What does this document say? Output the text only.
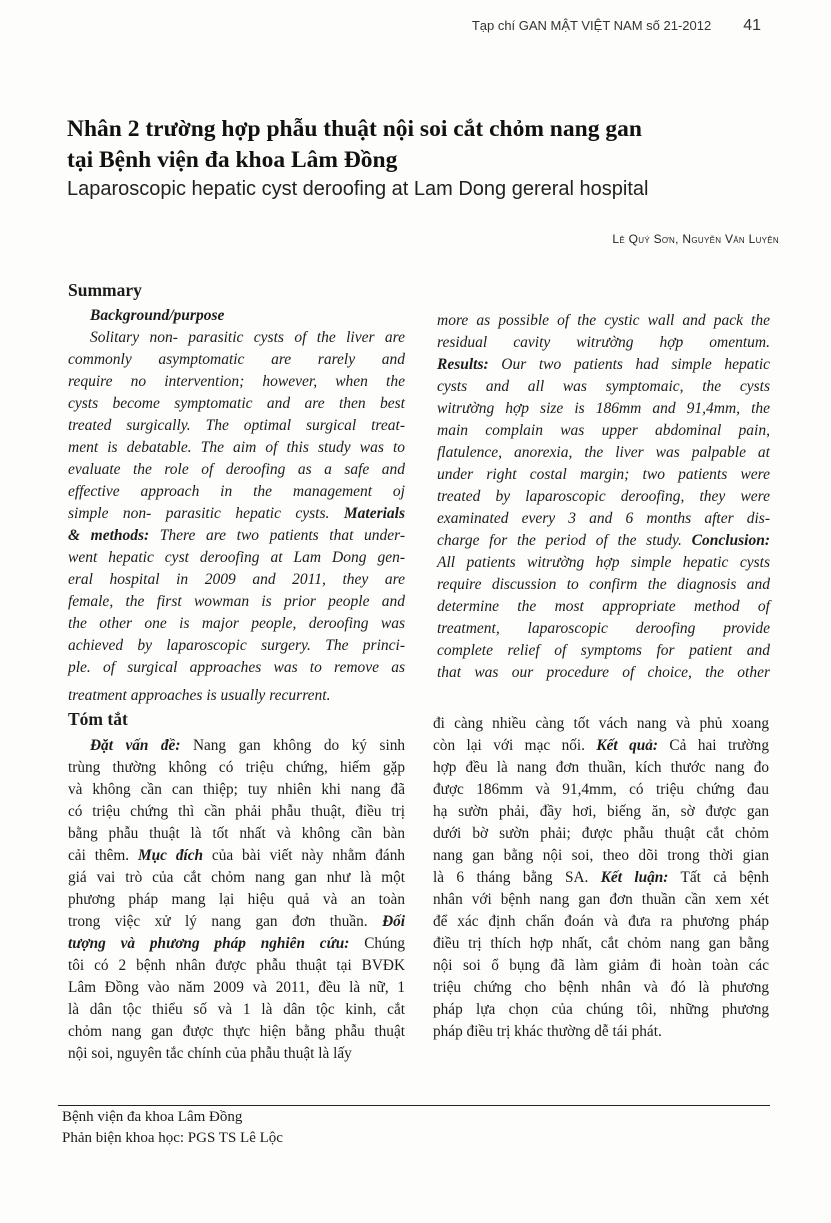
Tạp chí GAN MẬT VIỆT NAM số 21-2012 41
Nhân 2 trường hợp phẫu thuật nội soi cắt chỏm nang gan
tại Bệnh viện đa khoa Lâm Đồng
Laparoscopic hepatic cyst deroofing at Lam Dong gereral hospital
Lê Quý Sơn, Nguyễn Văn Luyện
Summary
Background/purpose
Solitary non- parasitic cysts of the liver are
commonly asymptomatic are rarely and
require no intervention; however, when the
cysts become symptomatic and are then best
treated surgically. The optimal surgical treat-
ment is debatable. The aim of this study was to
evaluate the role of deroofing as a safe and
effective approach in the management oj
simple non- parasitic hepatic cysts. Materials
& methods: There are two patients that under-
went hepatic cyst deroofing at Lam Dong gen-
eral hospital in 2009 and 2011, they are
female, the first wowman is prior people and
the other one is major people, deroofing was
achieved by laparoscopic surgery. The princi-
ple. of surgical approaches was to remove as
more as possible of the cystic wall and pack the
residual cavity witrường hợp omentum.
Results: Our two patients had simple hepatic
cysts and all was symptomaic, the cysts
witrường hợp size is 186mm and 91,4mm, the
main complain was upper abdominal pain,
flatulence, anorexia, the liver was palpable at
under right costal margin; two patients were
treated by laparoscopic deroofing, they were
examinated every 3 and 6 months after dis-
charge for the period of the study. Conclusion:
All patients witrường hợp simple hepatic cysts
require discussion to confirm the diagnosis and
determine the most appropriate method of
treatment, laparoscopic deroofing provide
complete relief of symptoms for patient and
that was our procedure of choice, the other
treatment approaches is usually recurrent.
Tóm tắt
Đặt vấn đề: Nang gan không do ký sinh
trùng thường không có triệu chứng, hiếm gặp
và không cần can thiệp; tuy nhiên khi nang đã
có triệu chứng thì cần phải phẫu thuật, điều trị
bằng phẫu thuật là tốt nhất và không cần bàn
cải thêm. Mục đích của bài viết này nhằm đánh
giá vai trò của cắt chỏm nang gan như là một
phương pháp mang lại hiệu quả và an toàn
trong việc xử lý nang gan đơn thuần. Đối
tượng và phương pháp nghiên cứu: Chúng
tôi có 2 bệnh nhân được phẫu thuật tại BVĐK
Lâm Đồng vào năm 2009 và 2011, đều là nữ, 1
là dân tộc thiểu số và 1 là dân tộc kinh, cắt
chỏm nang gan được thực hiện bằng phẫu thuật
nội soi, nguyên tắc chính của phẫu thuật là lấy
đi càng nhiều càng tốt vách nang và phủ xoang
còn lại với mạc nối. Kết quả: Cả hai trường
hợp đều là nang đơn thuần, kích thước nang đo
được 186mm và 91,4mm, có triệu chứng đau
hạ sườn phải, đầy hơi, biếng ăn, sờ được gan
dưới bờ sườn phải; được phẫu thuật cắt chỏm
nang gan bằng nội soi, theo dõi trong thời gian
là 6 tháng bằng SA. Kết luận: Tất cả bệnh
nhân với bệnh nang gan đơn thuần cần xem xét
để xác định chẩn đoán và đưa ra phương pháp
điều trị thích hợp nhất, cắt chỏm nang gan bằng
nội soi ổ bụng đã làm giảm đi hoàn toàn các
triệu chứng cho bệnh nhân và đó là phương
pháp lựa chọn của chúng tôi, những phương
pháp điều trị khác thường dễ tái phát.
Bệnh viện đa khoa Lâm Đồng
Phản biện khoa học: PGS TS Lê Lộc
